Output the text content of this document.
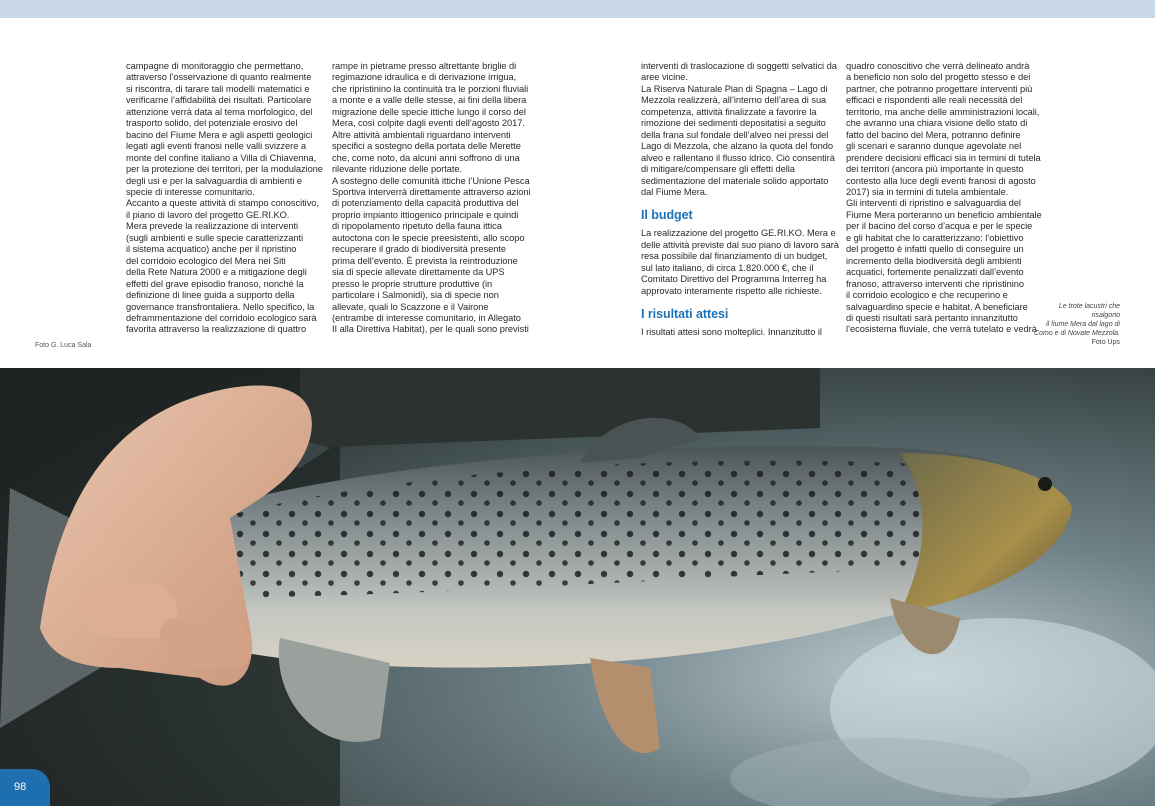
campagne di monitoraggio che permettano,

attraverso l’osservazione di quanto realmente

si riscontra, di tarare tali modelli matematici e

verificarne l’affidabilità dei risultati. Particolare

attenzione verrà data al tema morfologico, del

trasporto solido, del potenziale erosivo del

bacino del Fiume Mera e agli aspetti geologici

legati agli eventi franosi nelle valli svizzere a

monte del confine italiano a Villa di Chiavenna,

per la protezione dei territori, per la modulazione

degli usi e per la salvaguardia di ambienti e

specie di interesse comunitario.

Accanto a queste attività di stampo conoscitivo,

il piano di lavoro del progetto GE.RI.KO.

Mera prevede la realizzazione di interventi

(sugli ambienti e sulle specie caratterizzanti

il sistema acquatico) anche per il ripristino

del corridoio ecologico del Mera nei Siti

della Rete Natura 2000 e a mitigazione degli

effetti del grave episodio franoso, nonché la

definizione di linee guida a supporto della

governance transfrontaliera. Nello specifico, la

deframmentazione del corridoio ecologico sarà

favorita attraverso la realizzazione di quattro

rampe in pietrame presso altrettante briglie di

regimazione idraulica e di derivazione irrigua,

che ripristinino la continuità tra le porzioni fluviali

a monte e a valle delle stesse, ai fini della libera

migrazione delle specie ittiche lungo il corso del

Mera, così colpite dagli eventi dell’agosto 2017.

Altre attività ambientali riguardano interventi

specifici a sostegno della portata delle Merette

che, come noto, da alcuni anni soffrono di una

rilevante riduzione delle portate.

A sostegno delle comunità ittiche l’Unione Pesca

Sportiva interverrà direttamente attraverso azioni

di potenziamento della capacità produttiva del

proprio impianto ittiogenico principale e quindi

di ripopolamento ripetuto della fauna ittica

autoctona con le specie preesistenti, allo scopo

recuperare il grado di biodiversità presente

prima dell’evento. È prevista la reintroduzione

sia di specie allevate direttamente da UPS

presso le proprie strutture produttive (in

particolare i Salmonidi), sia di specie non

allevate, quali lo Scazzone e il Vairone

(entrambe di interesse comunitario, in Allegato

II alla Direttiva Habitat), per le quali sono previsti

interventi di traslocazione di soggetti selvatici da

aree vicine.

La Riserva Naturale Pian di Spagna – Lago di

Mezzola realizzerà, all’interno dell’area di sua

competenza, attività finalizzate a favorire la

rimozione dei sedimenti depositatisi a seguito

della frana sul fondale dell’alveo nei pressi del

Lago di Mezzola, che alzano la quota del fondo

alveo e rallentano il flusso idrico. Ciò consentirà

di mitigare/compensare gli effetti della

sedimentazione del materiale solido apportato

dal Fiume Mera.

Il budget

La realizzazione del progetto GE.RI.KO. Mera e

delle attività previste dal suo piano di lavoro sarà

resa possibile dal finanziamento di un budget,

sul lato italiano, di circa 1.820.000 €, che il

Comitato Direttivo del Programma Interreg ha

approvato interamente rispetto alle richieste.

I risultati attesi

I risultati attesi sono molteplici. Innanzitutto il

quadro conoscitivo che verrà delineato andrà

a beneficio non solo del progetto stesso e dei

partner, che potranno progettare interventi più

efficaci e rispondenti alle reali necessità del

territorio, ma anche delle amministrazioni locali,

che avranno una chiara visione dello stato di

fatto del bacino del Mera, potranno definire

gli scenari e saranno dunque agevolate nel

prendere decisioni efficaci sia in termini di tutela

dei territori (ancora più importante in questo

contesto alla luce degli eventi franosi di agosto

2017) sia in termini di tutela ambientale.

Gli interventi di ripristino e salvaguardia del

Fiume Mera porteranno un beneficio ambientale

per il bacino del corso d’acqua e per le specie

e gli habitat che lo caratterizzano: l’obiettivo

del progetto è infatti quello di conseguire un

incremento della biodiversità degli ambienti

acquatici, fortemente penalizzati dall’evento

franoso, attraverso interventi che ripristinino

il corridoio ecologico e che recuperino e

salvaguardino specie e habitat. A beneficiare

di questi risultati sarà pertanto innanzitutto

l’ecosistema fluviale, che verrà tutelato e vedrà

Foto G. Luca Sala
Le trote lacustri che
risalgono
il fiume Mera dal lago di
Como e di Novate Mezzola.
Foto Ups
98
